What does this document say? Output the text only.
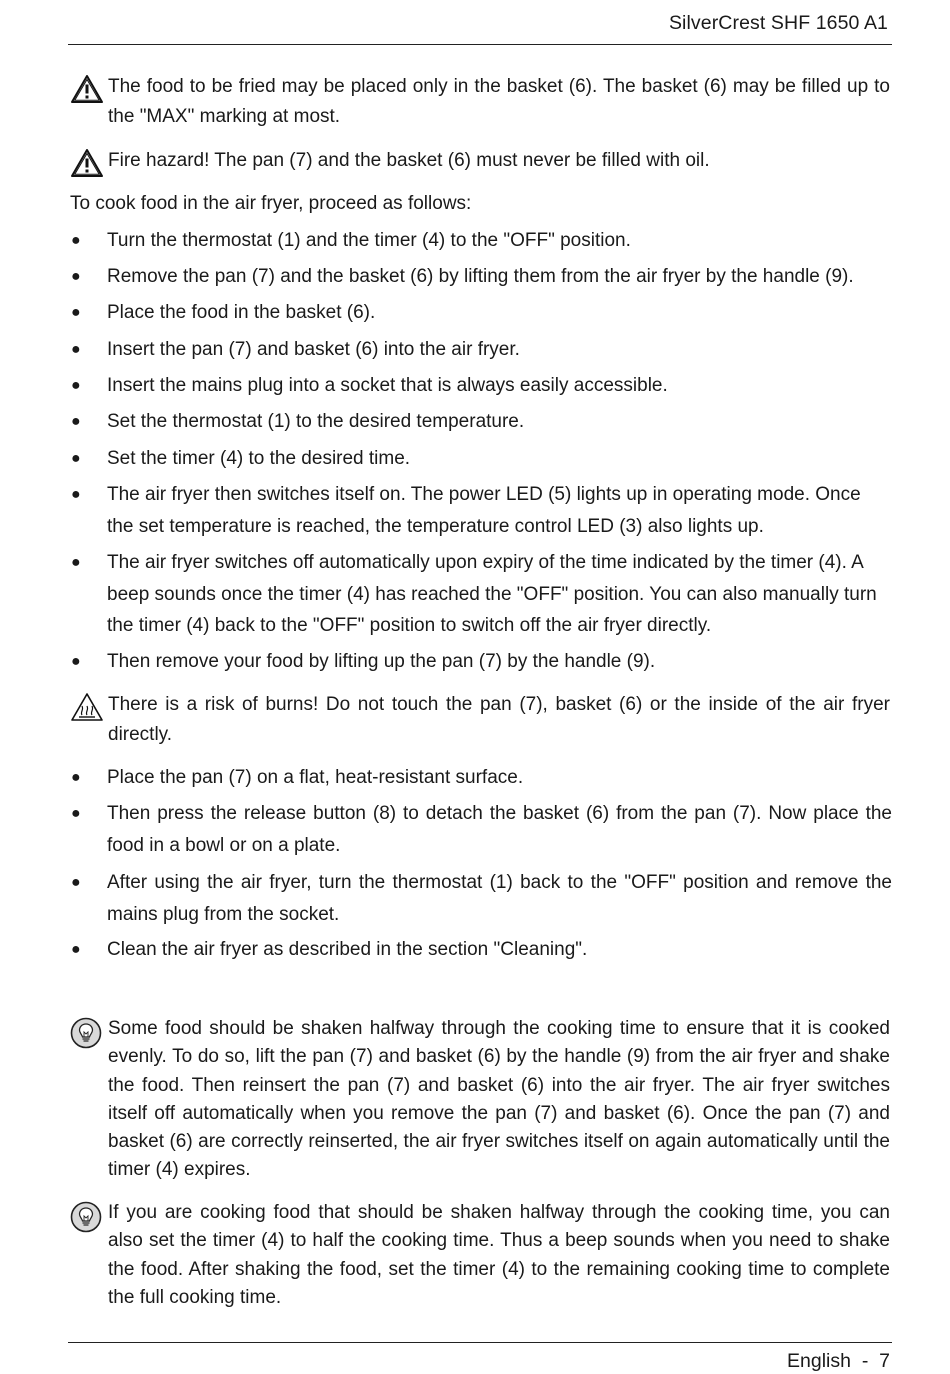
SilverCrest SHF 1650 A1
The food to be fried may be placed only in the basket (6). The basket (6) may be filled up to the "MAX" marking at most.
Fire hazard! The pan (7) and the basket (6) must never be filled with oil.
To cook food in the air fryer, proceed as follows:
●	Turn the thermostat (1) and the timer (4) to the "OFF" position.
●	Remove the pan (7) and the basket (6) by lifting them from the air fryer by the handle (9).
●	Place the food in the basket (6).
●	Insert the pan (7) and basket (6) into the air fryer.
●	Insert the mains plug into a socket that is always easily accessible.
●	Set the thermostat (1) to the desired temperature.
●	Set the timer (4) to the desired time.
●	The air fryer then switches itself on. The power LED (5) lights up in operating mode. Once the set temperature is reached, the temperature control LED (3) also lights up.
●	The air fryer switches off automatically upon expiry of the time indicated by the timer (4). A beep sounds once the timer (4) has reached the "OFF" position. You can also manually turn the timer (4) back to the "OFF" position to switch off the air fryer directly.
●	Then remove your food by lifting up the pan (7) by the handle (9).
There is a risk of burns! Do not touch the pan (7), basket (6) or the inside of the air fryer directly.
●	Place the pan (7) on a flat, heat-resistant surface.
●	Then press the release button (8) to detach the basket (6) from the pan (7). Now place the food in a bowl or on a plate.
●	After using the air fryer, turn the thermostat (1) back to the "OFF" position and remove the mains plug from the socket.
●	Clean the air fryer as described in the section "Cleaning".
Some food should be shaken halfway through the cooking time to ensure that it is cooked evenly. To do so, lift the pan (7) and basket (6) by the handle (9) from the air fryer and shake the food. Then reinsert the pan (7) and basket (6) into the air fryer. The air fryer switches itself off automatically when you remove the pan (7) and basket (6). Once the pan (7) and basket (6) are correctly reinserted, the air fryer switches itself on again automatically until the timer (4) expires.
If you are cooking food that should be shaken halfway through the cooking time, you can also set the timer (4) to half the cooking time. Thus a beep sounds when you need to shake the food. After shaking the food, set the timer (4) to the remaining cooking time to complete the full cooking time.
English  -  7
